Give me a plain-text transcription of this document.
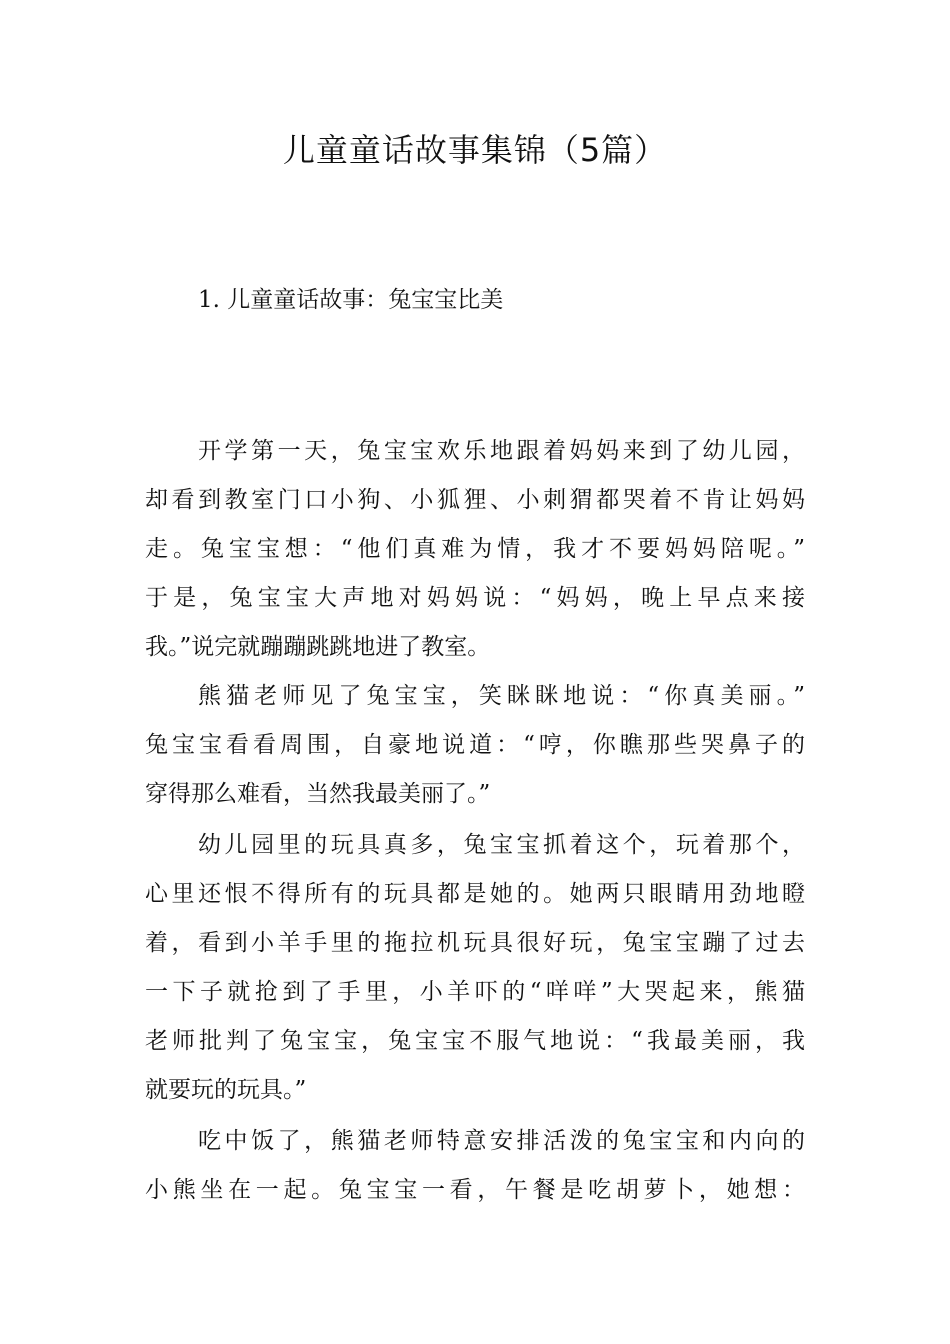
儿童童话故事集锦（5篇）
1. 儿童童话故事：兔宝宝比美
开学第一天，兔宝宝欢乐地跟着妈妈来到了幼儿园，
却看到教室门口小狗、小狐狸、小刺猬都哭着不肯让妈妈
走。兔宝宝想：“他们真难为情，我才不要妈妈陪呢。”
于是，兔宝宝大声地对妈妈说：“妈妈，晚上早点来接
我。”说完就蹦蹦跳跳地进了教室。
熊猫老师见了兔宝宝，笑眯眯地说：“你真美丽。”
兔宝宝看看周围，自豪地说道：“哼，你瞧那些哭鼻子的
穿得那么难看，当然我最美丽了。”
幼儿园里的玩具真多，兔宝宝抓着这个，玩着那个，
心里还恨不得所有的玩具都是她的。她两只眼睛用劲地瞪
着，看到小羊手里的拖拉机玩具很好玩，兔宝宝蹦了过去
一下子就抢到了手里，小羊吓的“咩咩”大哭起来，熊猫
老师批判了兔宝宝，兔宝宝不服气地说：“我最美丽，我
就要玩的玩具。”
吃中饭了，熊猫老师特意安排活泼的兔宝宝和内向的
小熊坐在一起。兔宝宝一看，午餐是吃胡萝卜，她想：
